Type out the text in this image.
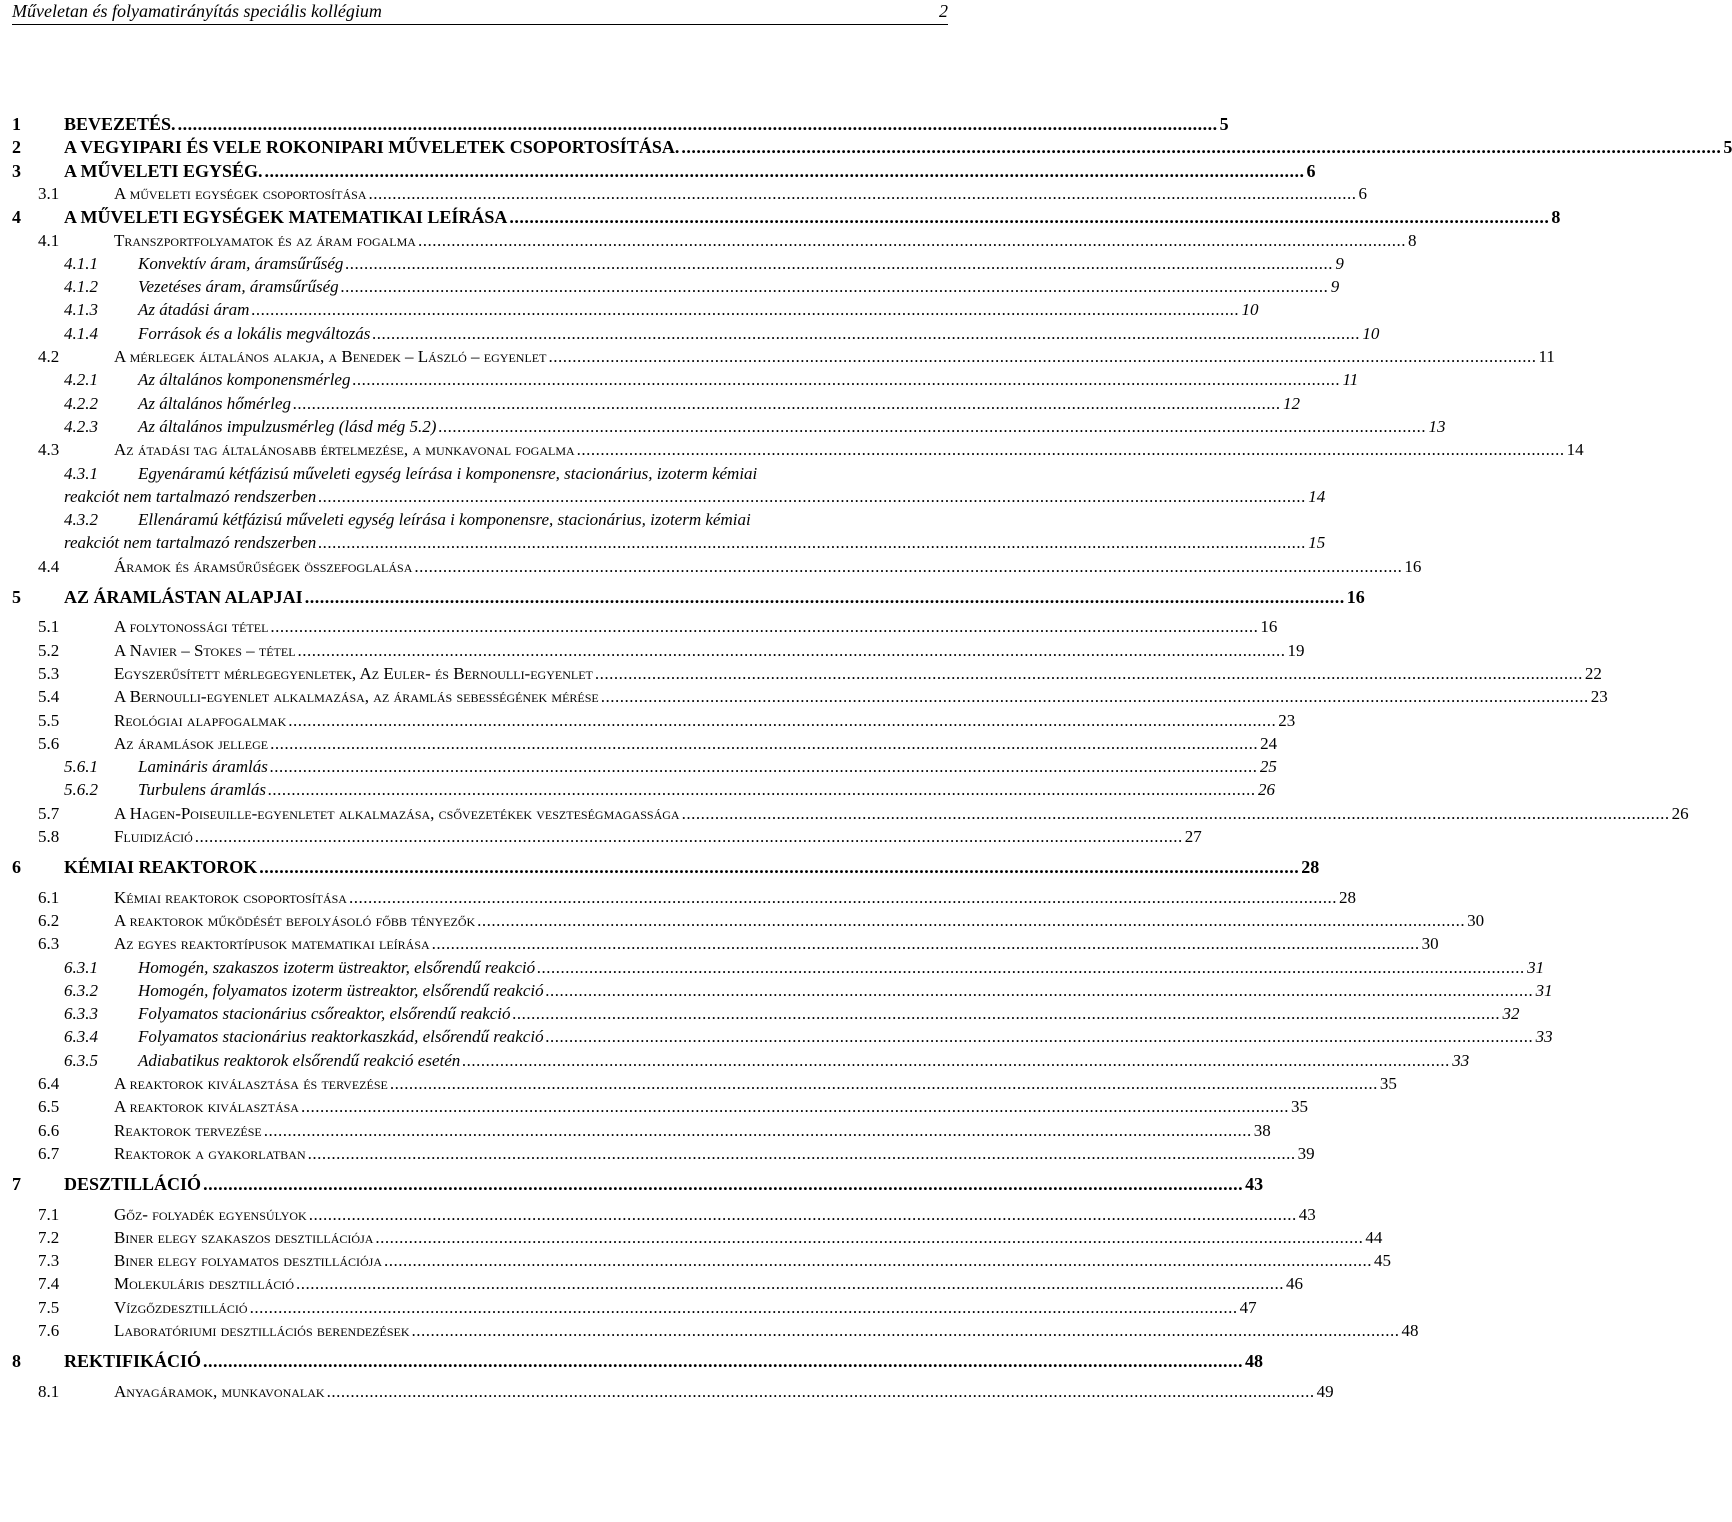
Műveletan és folyamatirányítás speciális kollégium	2
1	BEVEZETÉS. .....	5
2	A VEGYIPARI ÉS VELE ROKONIPARI MŰVELETEK CSOPORTOSÍTÁSA. .....	5
3	A MŰVELETI EGYSÉG. .....	6
3.1	A műveleti egységek csoportosítása .....	6
4	A MŰVELETI EGYSÉGEK MATEMATIKAI LEÍRÁSA .....	8
4.1	Transzportfolyamatok és az áram fogalma .....	8
4.1.1	Konvektív áram, áramsűrűség .....	9
4.1.2	Vezetéses áram, áramsűrűség .....	9
4.1.3	Az átadási áram .....	10
4.1.4	Források és a lokális megváltozás .....	10
4.2	A mérlegek általános alakja, a Benedek – László – egyenlet .....	11
4.2.1	Az általános komponensmérleg .....	11
4.2.2	Az általános hőmérleg .....	12
4.2.3	Az általános impulzusmérleg (lásd még 5.2) .....	13
4.3	Az átadási tag általánosabb értelmezése, a munkavonal fogalma .....	14
4.3.1	Egyenáramú kétfázisú műveleti egység leírása i komponensre, stacionárius, izoterm kémiai
reakciót nem tartalmazó rendszerben .....	14
4.3.2	Ellenáramú kétfázisú műveleti egység leírása i komponensre, stacionárius, izoterm kémiai
reakciót nem tartalmazó rendszerben .....	15
4.4	Áramok és áramsűrűségek összefoglalása .....	16
5	AZ ÁRAMLÁSTAN ALAPJAI .....	16
5.1	A folytonossági tétel .....	16
5.2	A Navier – Stokes – tétel .....	19
5.3	Egyszerűsített mérlegegyenletek, Az Euler- és Bernoulli-egyenlet .....	22
5.4	A Bernoulli-egyenlet alkalmazása, az áramlás sebességének mérése .....	23
5.5	Reológiai alapfogalmak .....	23
5.6	Az áramlások jellege .....	24
5.6.1	Lamináris áramlás .....	25
5.6.2	Turbulens áramlás .....	26
5.7	A Hagen-Poiseuille-egyenletet alkalmazása, csővezetékek veszteségmagassága .....	26
5.8	Fluidizáció .....	27
6	KÉMIAI REAKTOROK .....	28
6.1	Kémiai reaktorok csoportosítása .....	28
6.2	A reaktorok működését befolyásoló főbb tényezők .....	30
6.3	Az egyes reaktortípusok matematikai leírása .....	30
6.3.1	Homogén, szakaszos izoterm üstreaktor, elsőrendű reakció .....	31
6.3.2	Homogén, folyamatos izoterm üstreaktor, elsőrendű reakció .....	31
6.3.3	Folyamatos stacionárius csőreaktor, elsőrendű reakció .....	32
6.3.4	Folyamatos stacionárius reaktorkaszkád, elsőrendű reakció .....	33
6.3.5	Adiabatikus reaktorok elsőrendű reakció esetén .....	33
6.4	A reaktorok kiválasztása és tervezése .....	35
6.5	A reaktorok kiválasztása .....	35
6.6	Reaktorok tervezése .....	38
6.7	Reaktorok a gyakorlatban .....	39
7	DESZTILLÁCIÓ .....	43
7.1	Gőz- folyadék egyensúlyok .....	43
7.2	Biner elegy szakaszos desztillációja .....	44
7.3	Biner elegy folyamatos desztillációja .....	45
7.4	Molekuláris desztilláció .....	46
7.5	Vízgőzdesztilláció .....	47
7.6	Laboratóriumi desztillációs berendezések .....	48
8	REKTIFIKÁCIÓ .....	48
8.1	Anyagáramok, munkavonalak .....	49
